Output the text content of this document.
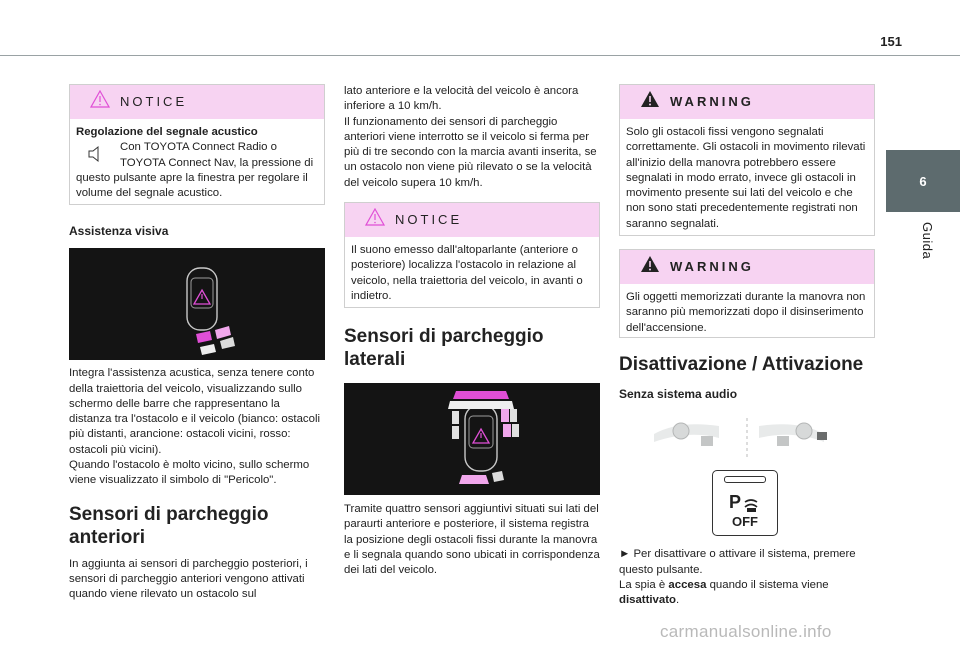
151
6
Guida
NOTICE

Regolazione del segnale acustico

Con TOYOTA Connect Radio o TOYOTA Connect Nav, la pressione di

questo pulsante apre la finestra per regolare il volume del segnale acustico.

Assistenza visiva

Integra l'assistenza acustica, senza tenere conto della traiettoria del veicolo, visualizzando sullo schermo delle barre che rappresentano la distanza tra l'ostacolo e il veicolo (bianco: ostacoli più distanti, arancione: ostacoli vicini, rosso: ostacoli più vicini).

Quando l'ostacolo è molto vicino, sullo schermo viene visualizzato il simbolo di "Pericolo".

Sensori di parcheggio anteriori

In aggiunta ai sensori di parcheggio posteriori, i sensori di parcheggio anteriori vengono attivati quando viene rilevato un ostacolo sul

lato anteriore e la velocità del veicolo è ancora inferiore a 10 km/h.

Il funzionamento dei sensori di parcheggio anteriori viene interrotto se il veicolo si ferma per più di tre secondo con la marcia avanti inserita, se un ostacolo non viene più rilevato o se la velocità del veicolo supera 10 km/h.

NOTICE

Il suono emesso dall'altoparlante (anteriore o posteriore) localizza l'ostacolo in relazione al veicolo, nella traiettoria del veicolo, in avanti o indietro.

Sensori di parcheggio laterali

Tramite quattro sensori aggiuntivi situati sui lati del paraurti anteriore e posteriore, il sistema registra la posizione degli ostacoli fissi durante la manovra e li segnala quando sono ubicati in corrispondenza dei lati del veicolo.

WARNING

Solo gli ostacoli fissi vengono segnalati correttamente. Gli ostacoli in movimento rilevati all'inizio della manovra potrebbero essere segnalati in modo errato, invece gli ostacoli in movimento presente sui lati del veicolo e che non sono stati precedentemente registrati non saranno segnalati.

WARNING

Gli oggetti memorizzati durante la manovra non saranno più memorizzati dopo il disinserimento dell'accensione.

Disattivazione / Attivazione
Senza sistema audio
P
OFF

► Per disattivare o attivare il sistema, premere questo pulsante.

La spia è accesa quando il sistema viene
disattivato.

carmanualsonline.info
